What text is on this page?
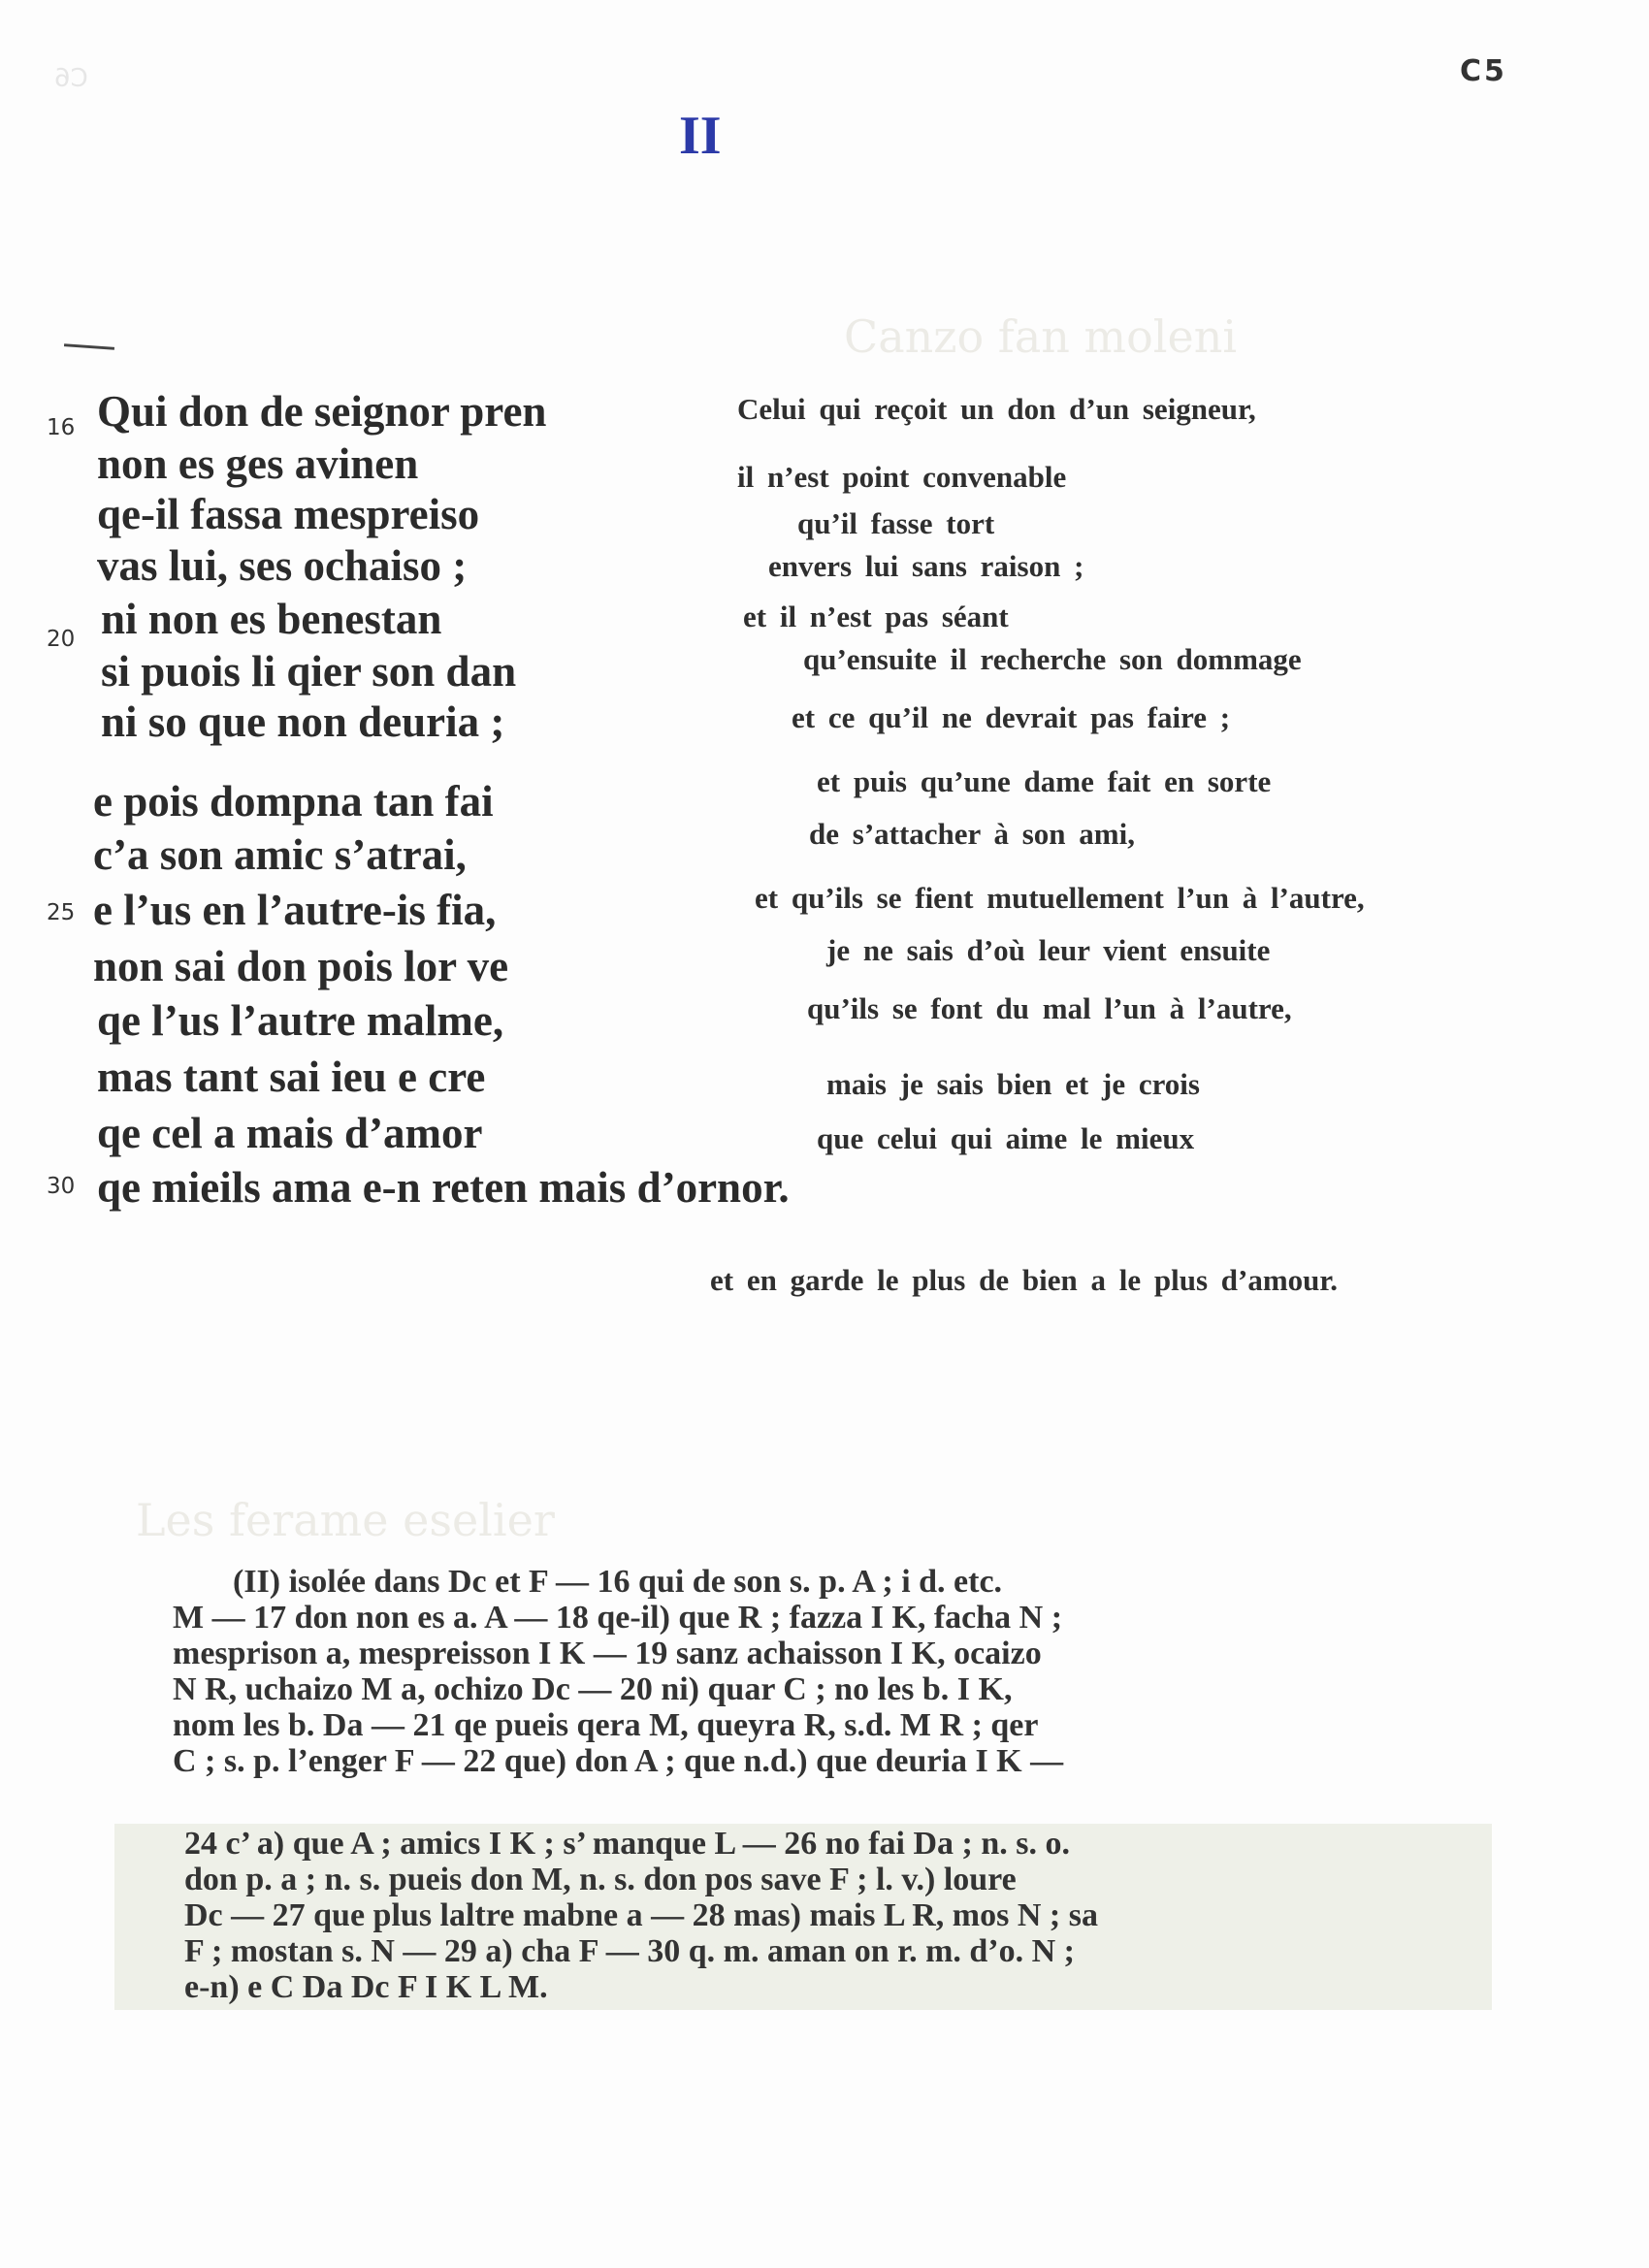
Canzo fan moleni
Les ferame eselier
C6	C5
II
16
20
25
30
Qui don de seignor pren
non es ges avinen
qe-il fassa mespreiso
vas lui, ses ochaiso ;
ni non es benestan
si puois li qier son dan
ni so que non deuria ;
e pois dompna tan fai
c’a son amic s’atrai,
e l’us en l’autre-is fia,
non sai don pois lor ve
qe l’us l’autre malme,
mas tant sai ieu e cre
qe cel a mais d’amor
qe mieils ama e-n reten mais d’ornor.
Celui qui reçoit un don d’un seigneur,
il n’est point convenable
qu’il fasse tort
envers lui sans raison ;
et il n’est pas séant
qu’ensuite il recherche son dommage
et ce qu’il ne devrait pas faire ;
et puis qu’une dame fait en sorte
de s’attacher à son ami,
et qu’ils se fient mutuellement l’un à l’autre,
je ne sais d’où leur vient ensuite
qu’ils se font du mal l’un à l’autre,
mais je sais bien et je crois
que celui qui aime le mieux
et en garde le plus de bien a le plus d’amour.
(II) isolée dans Dc et F — 16 qui de son s. p. A ; i d. etc.
M — 17 don non es a. A — 18 qe-il) que R ; fazza I K, facha N ;
mesprison a, mespreisson I K — 19 sanz achaisson I K, ocaizo
N R, uchaizo M a, ochizo Dc — 20 ni) quar C ; no les b. I K,
nom les b. Da — 21 qe pueis qera M, queyra R, s.d. M R ; qer
C ; s. p. l’enger F — 22 que) don A ; que n.d.) que deuria I K —
24 c’ a) que A ; amics I K ; s’ manque L — 26 no fai Da ; n. s. o.
don p. a ; n. s. pueis don M, n. s. don pos save F ; l. v.) loure
Dc — 27 que plus laltre mabne a — 28 mas) mais L R, mos N ; sa
F ; mostan s. N — 29 a) cha F — 30 q. m. aman on r. m. d’o. N ;
e-n) e C Da Dc F I K L M.
